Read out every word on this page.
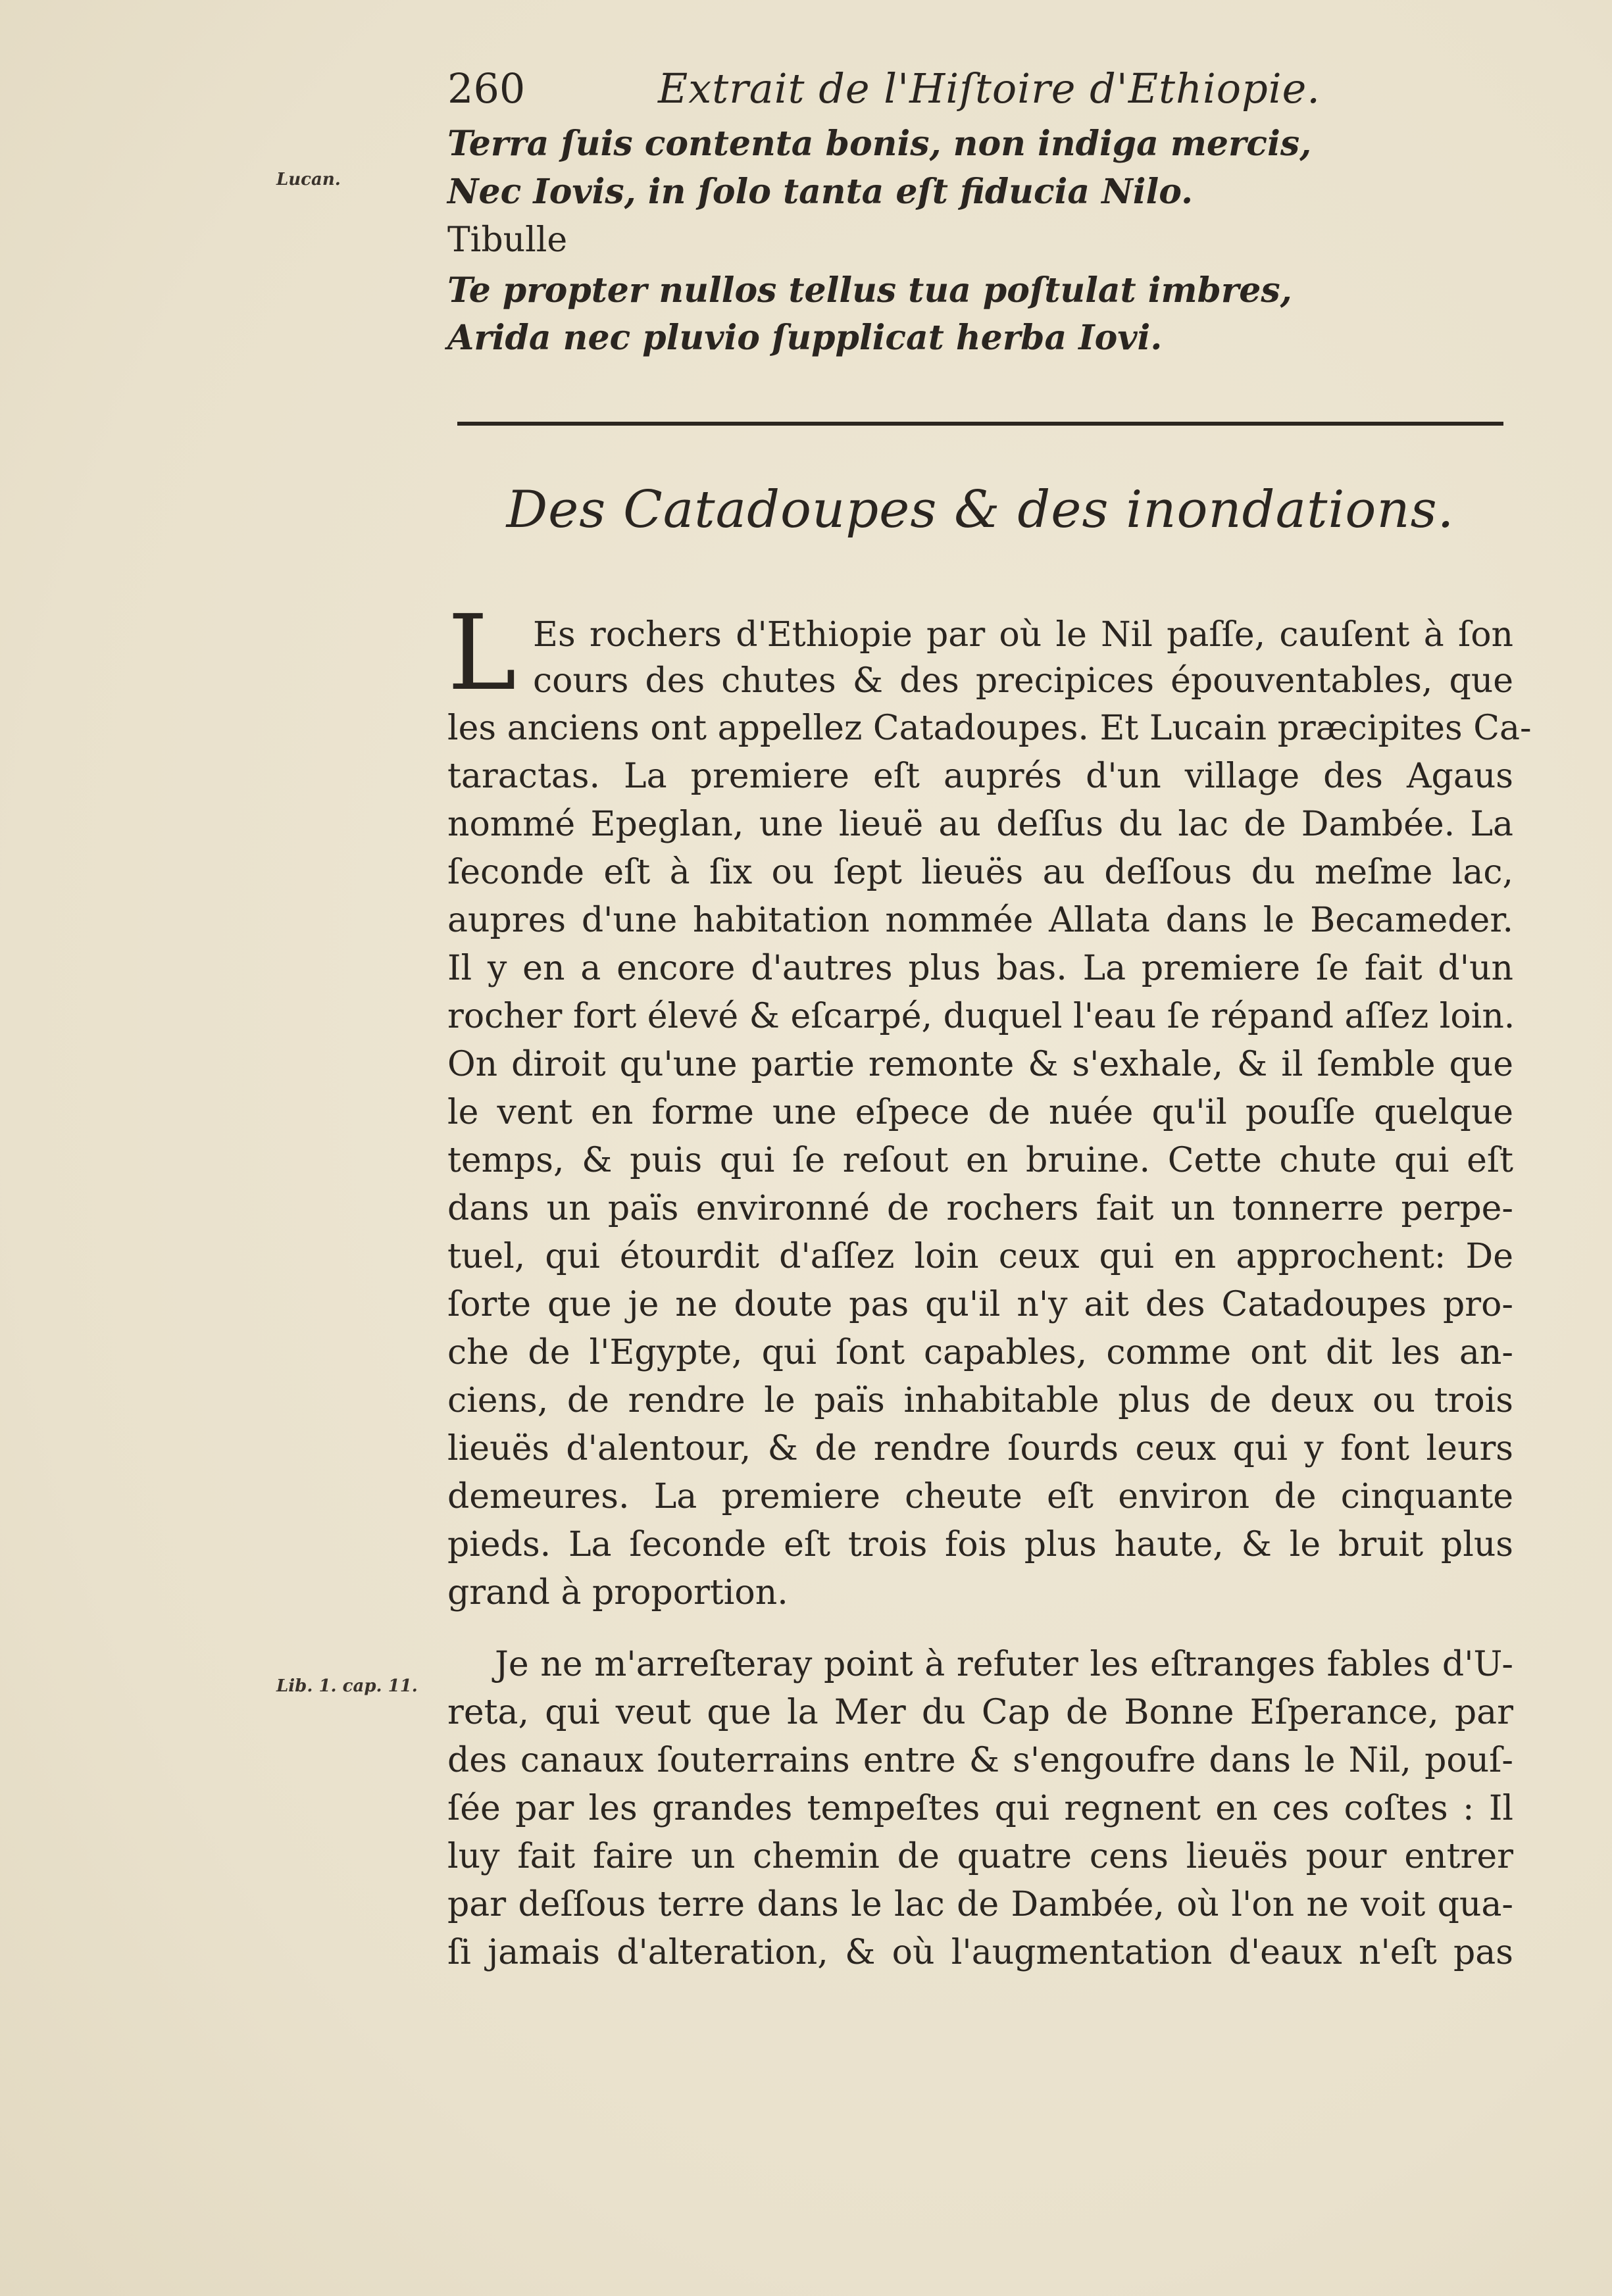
260	Extrait de l'Hiſtoire d'Ethiopie.
Terra ſuis contenta bonis, non indiga mercis,
Nec Iovis, in ſolo tanta eſt fiducia Nilo.
Tibulle
Te propter nullos tellus tua poſtulat imbres,
Arida nec pluvio ſupplicat herba Iovi.
Lucan.
Des Catadoupes & des inondations.
L Es rochers d'Ethiopie par où le Nil paſſe, cauſent à ſon
cours des chutes & des precipices épouventables, que
les anciens ont appellez Catadoupes. Et Lucain præcipites Ca-
taractas. La premiere eſt auprés d'un village des Agaus
nommé Epeglan, une lieuë au deſſus du lac de Dambée. La
ſeconde eſt à ſix ou ſept lieuës au deſſous du meſme lac,
aupres d'une habitation nommée Allata dans le Becameder.
Il y en a encore d'autres plus bas. La premiere ſe fait d'un
rocher fort élevé & eſcarpé, duquel l'eau ſe répand aſſez loin.
On diroit qu'une partie remonte & s'exhale, & il ſemble que
le vent en forme une eſpece de nuée qu'il pouſſe quelque
temps, & puis qui ſe reſout en bruine. Cette chute qui eſt
dans un païs environné de rochers fait un tonnerre perpe-
tuel, qui étourdit d'aſſez loin ceux qui en approchent: De
ſorte que je ne doute pas qu'il n'y ait des Catadoupes pro-
che de l'Egypte, qui ſont capables, comme ont dit les an-
ciens, de rendre le païs inhabitable plus de deux ou trois
lieuës d'alentour, & de rendre ſourds ceux qui y font leurs
demeures. La premiere cheute eſt environ de cinquante
pieds. La ſeconde eſt trois fois plus haute, & le bruit plus
grand à proportion.
Lib. 1. cap. 11.
Je ne m'arreſteray point à refuter les eſtranges fables d'U-
reta, qui veut que la Mer du Cap de Bonne Eſperance, par
des canaux ſouterrains entre & s'engoufre dans le Nil, pouſ-
ſée par les grandes tempeſtes qui regnent en ces coſtes : Il
luy fait faire un chemin de quatre cens lieuës pour entrer
par deſſous terre dans le lac de Dambée, où l'on ne voit qua-
ſi jamais d'alteration, & où l'augmentation d'eaux n'eſt pas
